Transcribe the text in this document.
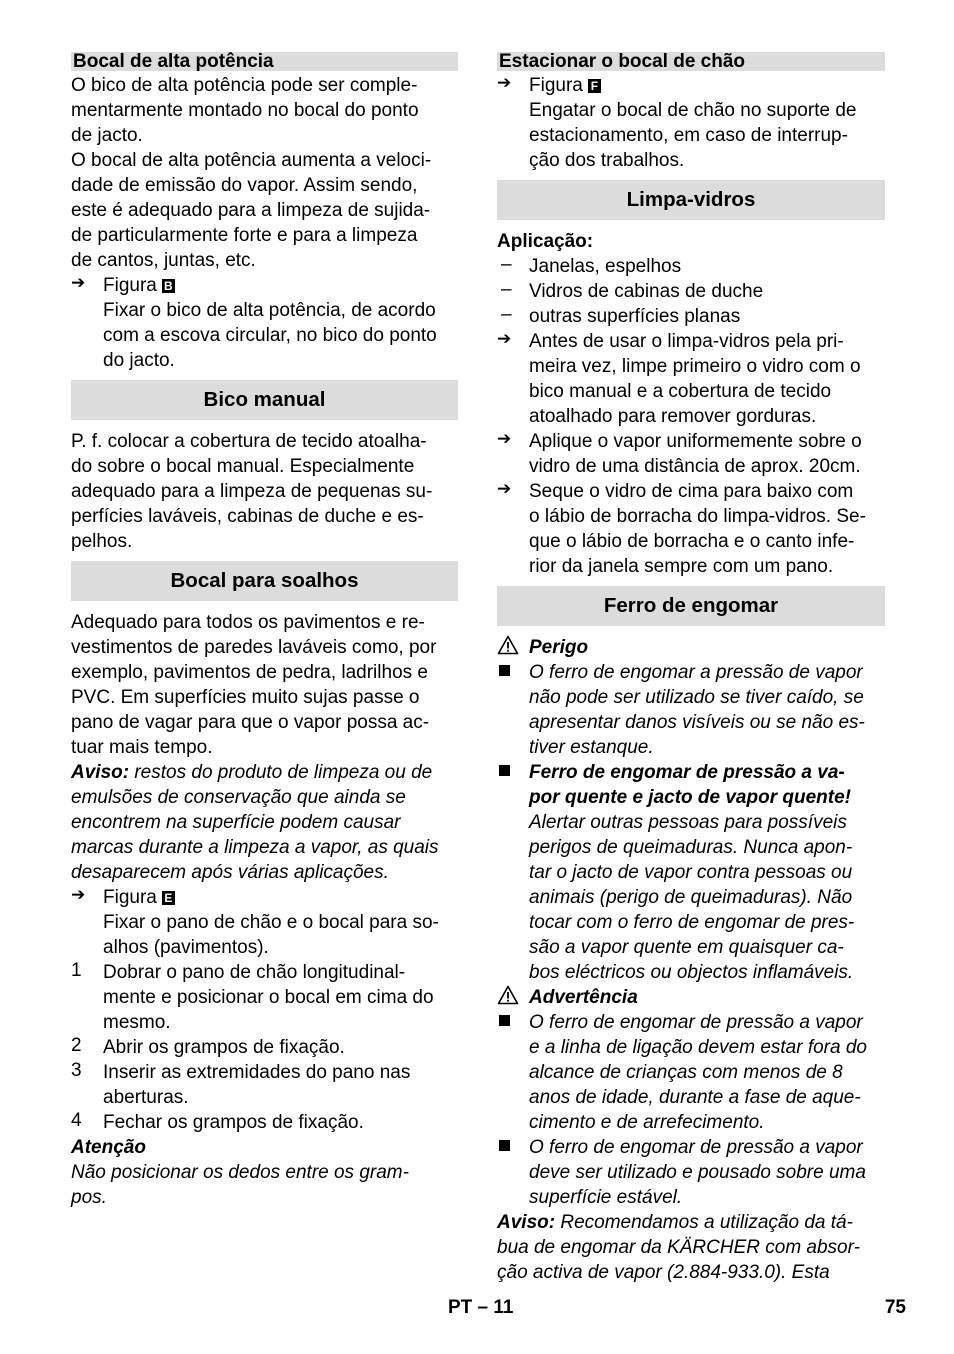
Bocal de alta potência
O bico de alta potência pode ser comple-
mentarmente montado no bocal do ponto
de jacto.
O bocal de alta potência aumenta a veloci-
dade de emissão do vapor. Assim sendo,
este é adequado para a limpeza de sujida-
de particularmente forte e para a limpeza
de cantos, juntas, etc.
➔ Figura B
Fixar o bico de alta potência, de acordo
com a escova circular, no bico do ponto
do jacto.
Bico manual
P. f. colocar a cobertura de tecido atoalha-
do sobre o bocal manual. Especialmente
adequado para a limpeza de pequenas su-
perfícies laváveis, cabinas de duche e es-
pelhos.
Bocal para soalhos
Adequado para todos os pavimentos e re-
vestimentos de paredes laváveis como, por
exemplo, pavimentos de pedra, ladrilhos e
PVC. Em superfícies muito sujas passe o
pano de vagar para que o vapor possa ac-
tuar mais tempo.
Aviso: restos do produto de limpeza ou de
emulsões de conservação que ainda se
encontrem na superfície podem causar
marcas durante a limpeza a vapor, as quais
desaparecem após várias aplicações.
➔ Figura E
Fixar o pano de chão e o bocal para so-
alhos (pavimentos).
1	Dobrar o pano de chão longitudinal-
mente e posicionar o bocal em cima do
mesmo.
2	Abrir os grampos de fixação.
3	Inserir as extremidades do pano nas
aberturas.
4	Fechar os grampos de fixação.
Atenção
Não posicionar os dedos entre os gram-
pos.
Estacionar o bocal de chão
➔ Figura F
Engatar o bocal de chão no suporte de
estacionamento, em caso de interrup-
ção dos trabalhos.
Limpa-vidros
Aplicação:
– Janelas, espelhos
– Vidros de cabinas de duche
– outras superfícies planas
➔ Antes de usar o limpa-vidros pela pri-
meira vez, limpe primeiro o vidro com o
bico manual e a cobertura de tecido
atoalhado para remover gorduras.
➔ Aplique o vapor uniformemente sobre o
vidro de uma distância de aprox. 20cm.
➔ Seque o vidro de cima para baixo com
o lábio de borracha do limpa-vidros. Se-
que o lábio de borracha e o canto infe-
rior da janela sempre com um pano.
Ferro de engomar
Perigo
O ferro de engomar a pressão de vapor
não pode ser utilizado se tiver caído, se
apresentar danos visíveis ou se não es-
tiver estanque.
Ferro de engomar de pressão a va-
por quente e jacto de vapor quente!
Alertar outras pessoas para possíveis
perigos de queimaduras. Nunca apon-
tar o jacto de vapor contra pessoas ou
animais (perigo de queimaduras). Não
tocar com o ferro de engomar de pres-
são a vapor quente em quaisquer ca-
bos eléctricos ou objectos inflamáveis.
Advertência
O ferro de engomar de pressão a vapor
e a linha de ligação devem estar fora do
alcance de crianças com menos de 8
anos de idade, durante a fase de aque-
cimento e de arrefecimento.
O ferro de engomar de pressão a vapor
deve ser utilizado e pousado sobre uma
superfície estável.
Aviso: Recomendamos a utilização da tá-
bua de engomar da KÄRCHER com absor-
ção activa de vapor (2.884-933.0). Esta
PT – 11	75
